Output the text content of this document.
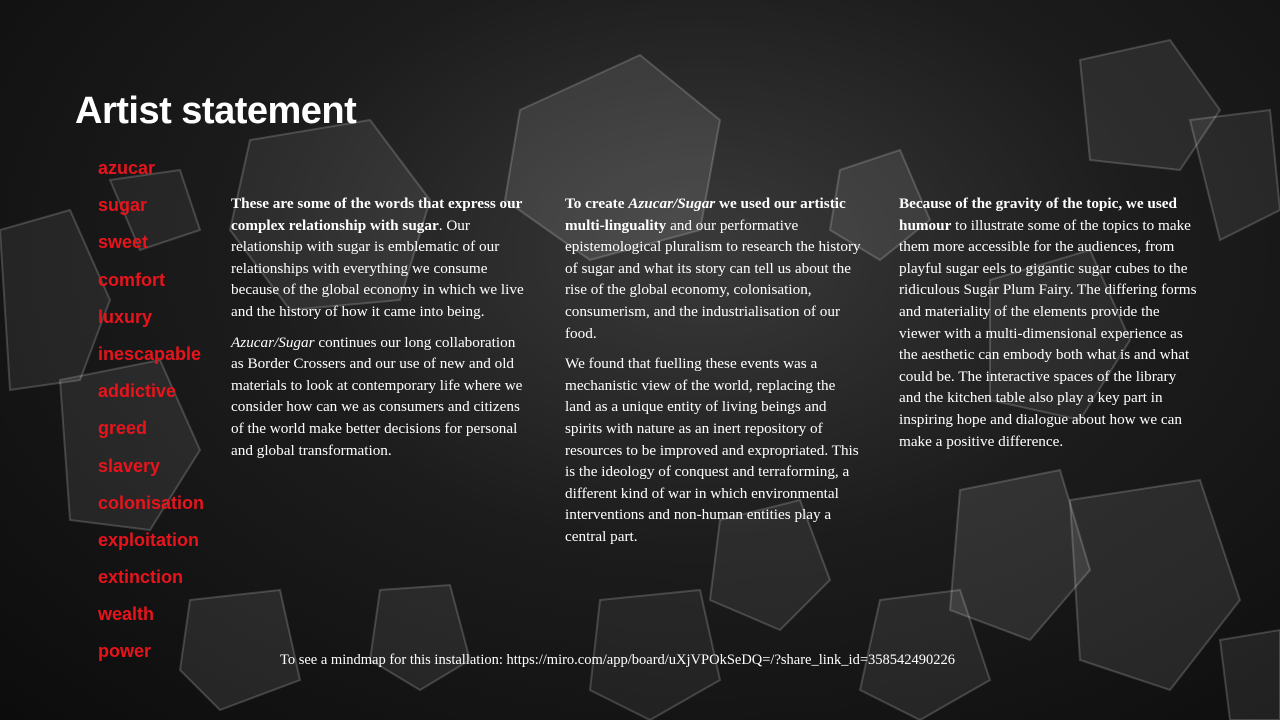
Artist statement
azucar
sugar
sweet
comfort
luxury
inescapable
addictive
greed
slavery
colonisation
exploitation
extinction
wealth
power

These are some of the words that express our complex relationship with sugar. Our relationship with sugar is emblematic of our relationships with everything we consume because of the global economy in which we live and the history of how it came into being.

Azucar/Sugar continues our long collaboration as Border Crossers and our use of new and old materials to look at contemporary life where we consider how can we as consumers and citizens of the world make better decisions for personal and global transformation.

To create Azucar/Sugar we used our artistic multi-linguality and our performative epistemological pluralism to research the history of sugar and what its story can tell us about the rise of the global economy, colonisation, consumerism, and the industrialisation of our food.

We found that fuelling these events was a mechanistic view of the world, replacing the land as a unique entity of living beings and spirits with nature as an inert repository of resources to be improved and expropriated. This is the ideology of conquest and terraforming, a different kind of war in which environmental interventions and non-human entities play a central part.

Because of the gravity of the topic, we used humour to illustrate some of the topics to make them more accessible for the audiences, from playful sugar eels to gigantic sugar cubes to the ridiculous Sugar Plum Fairy. The differing forms and materiality of the elements provide the viewer with a multi-dimensional experience as the aesthetic can embody both what is and what could be. The interactive spaces of the library and the kitchen table also play a key part in inspiring hope and dialogue about how we can make a positive difference.

To see a mindmap for this installation: https://miro.com/app/board/uXjVPOkSeDQ=/?share_link_id=358542490226
